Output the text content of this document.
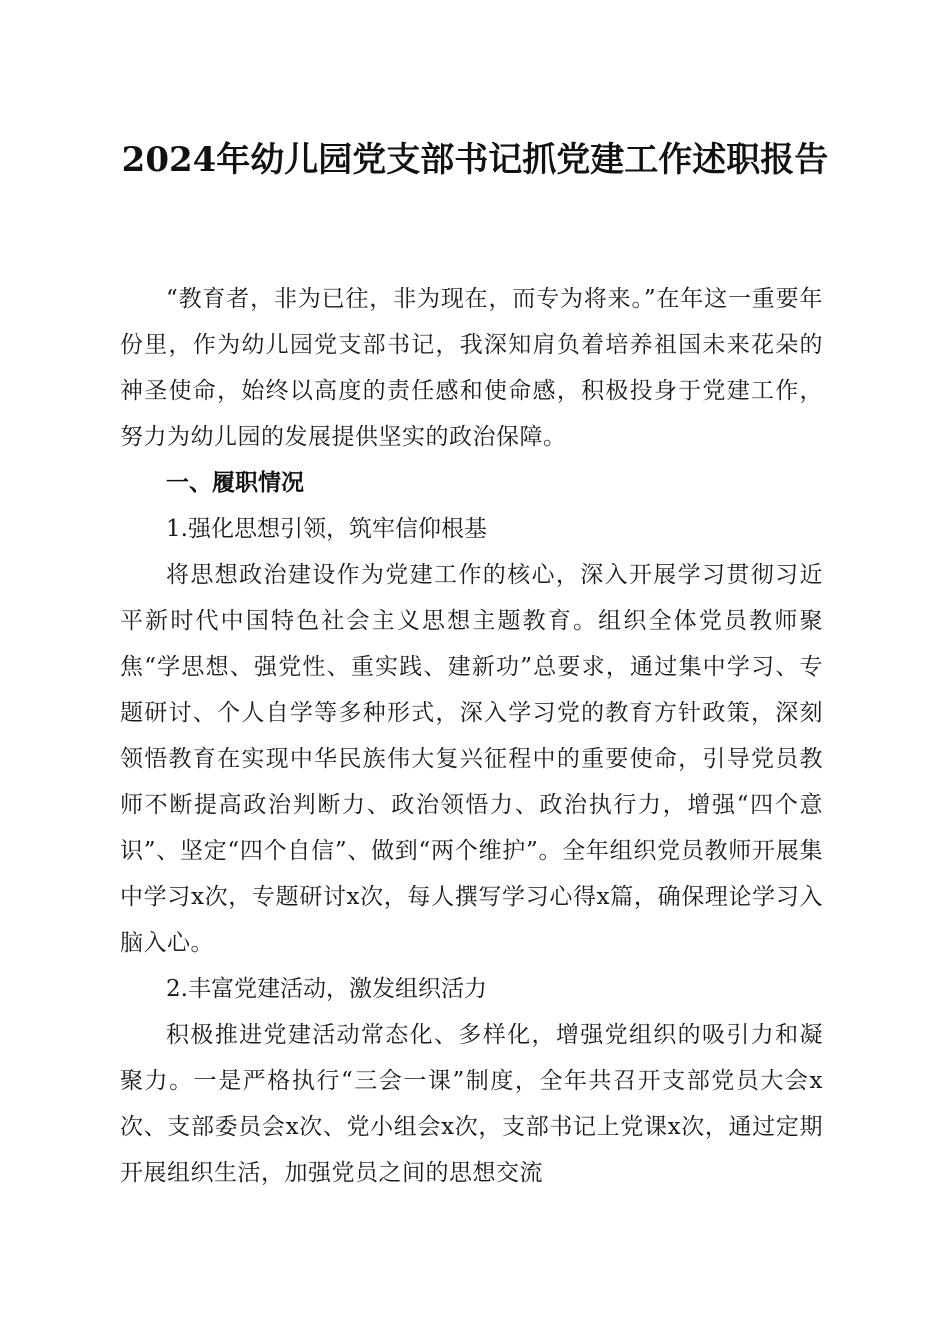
2024年幼儿园党支部书记抓党建工作述职报告

“教育者，非为已往，非为现在，而专为将来。”在年这一重要年份里，作为幼儿园党支部书记，我深知肩负着培养祖国未来花朵的神圣使命，始终以高度的责任感和使命感，积极投身于党建工作，努力为幼儿园的发展提供坚实的政治保障。

一、履职情况

1.强化思想引领，筑牢信仰根基

将思想政治建设作为党建工作的核心，深入开展学习贯彻习近平新时代中国特色社会主义思想主题教育。组织全体党员教师聚焦“学思想、强党性、重实践、建新功”总要求，通过集中学习、专题研讨、个人自学等多种形式，深入学习党的教育方针政策，深刻领悟教育在实现中华民族伟大复兴征程中的重要使命，引导党员教师不断提高政治判断力、政治领悟力、政治执行力，增强“四个意识”、坚定“四个自信”、做到“两个维护”。全年组织党员教师开展集中学习x次，专题研讨x次，每人撰写学习心得x篇，确保理论学习入脑入心。

2.丰富党建活动，激发组织活力

积极推进党建活动常态化、多样化，增强党组织的吸引力和凝聚力。一是严格执行“三会一课”制度，全年共召开支部党员大会x次、支部委员会x次、党小组会x次，支部书记上党课x次，通过定期开展组织生活，加强党员之间的思想交流
